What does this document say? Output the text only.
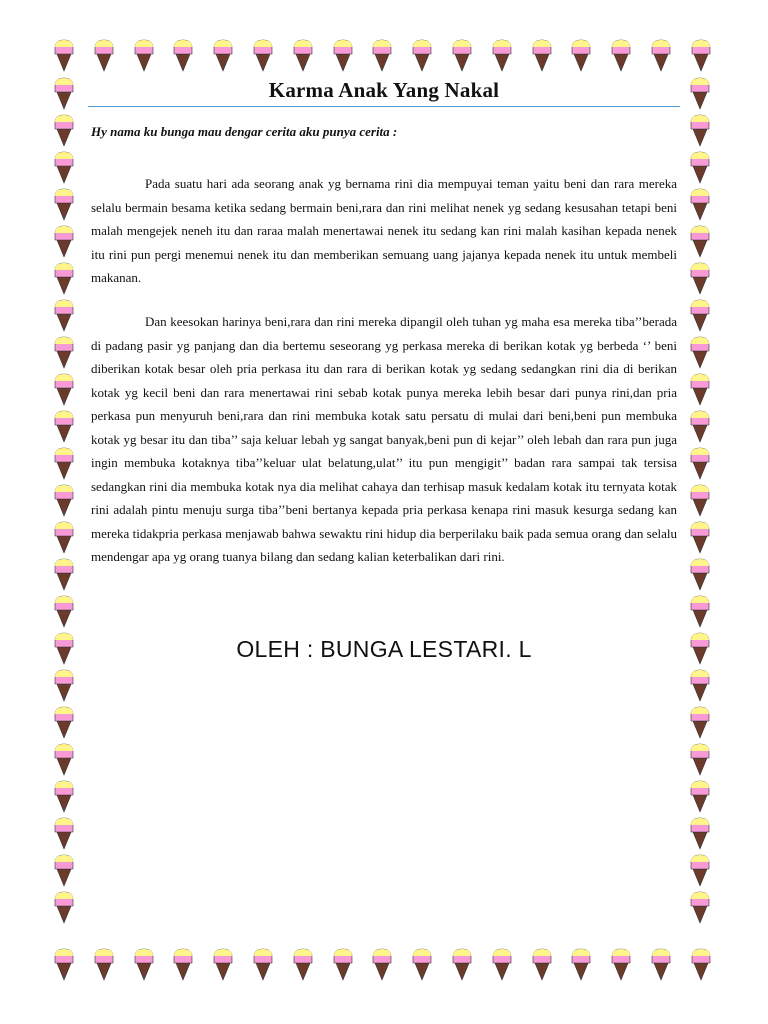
Karma Anak Yang Nakal
Hy nama ku bunga mau dengar cerita aku punya cerita :

Pada suatu hari ada seorang anak yg bernama rini dia mempuyai teman yaitu beni dan rara mereka selalu bermain besama ketika sedang bermain beni,rara dan rini melihat nenek yg sedang kesusahan tetapi beni malah mengejek neneh itu dan raraa malah menertawai nenek itu sedang kan rini malah kasihan kepada nenek itu rini pun pergi menemui nenek itu dan memberikan semuang uang jajanya kepada nenek itu untuk membeli makanan.

Dan keesokan harinya beni,rara dan rini mereka dipangil oleh tuhan yg maha esa mereka tiba’’berada di padang pasir yg panjang dan dia bertemu seseorang yg perkasa mereka di berikan kotak yg berbeda ‘’ beni diberikan kotak besar oleh pria perkasa itu dan rara di berikan kotak yg sedang sedangkan rini dia di berikan kotak yg kecil beni dan rara menertawai rini sebab kotak punya mereka lebih besar dari punya rini,dan pria perkasa pun menyuruh beni,rara dan rini membuka kotak satu persatu di mulai dari beni,beni pun membuka kotak yg besar itu dan tiba’’ saja keluar lebah yg sangat banyak,beni pun di kejar’’ oleh lebah dan rara pun juga ingin membuka kotaknya tiba’’keluar ulat belatung,ulat’’ itu pun mengigit’’ badan rara sampai tak tersisa sedangkan rini dia membuka kotak nya dia melihat cahaya dan terhisap masuk kedalam kotak itu ternyata kotak rini adalah pintu menuju surga tiba’’beni bertanya kepada pria perkasa kenapa rini masuk kesurga sedang kan mereka tidakpria perkasa menjawab bahwa sewaktu rini hidup dia berperilaku baik pada semua orang dan selalu mendengar apa yg orang tuanya bilang dan sedang kalian keterbalikan dari rini.

OLEH : BUNGA LESTARI. L
